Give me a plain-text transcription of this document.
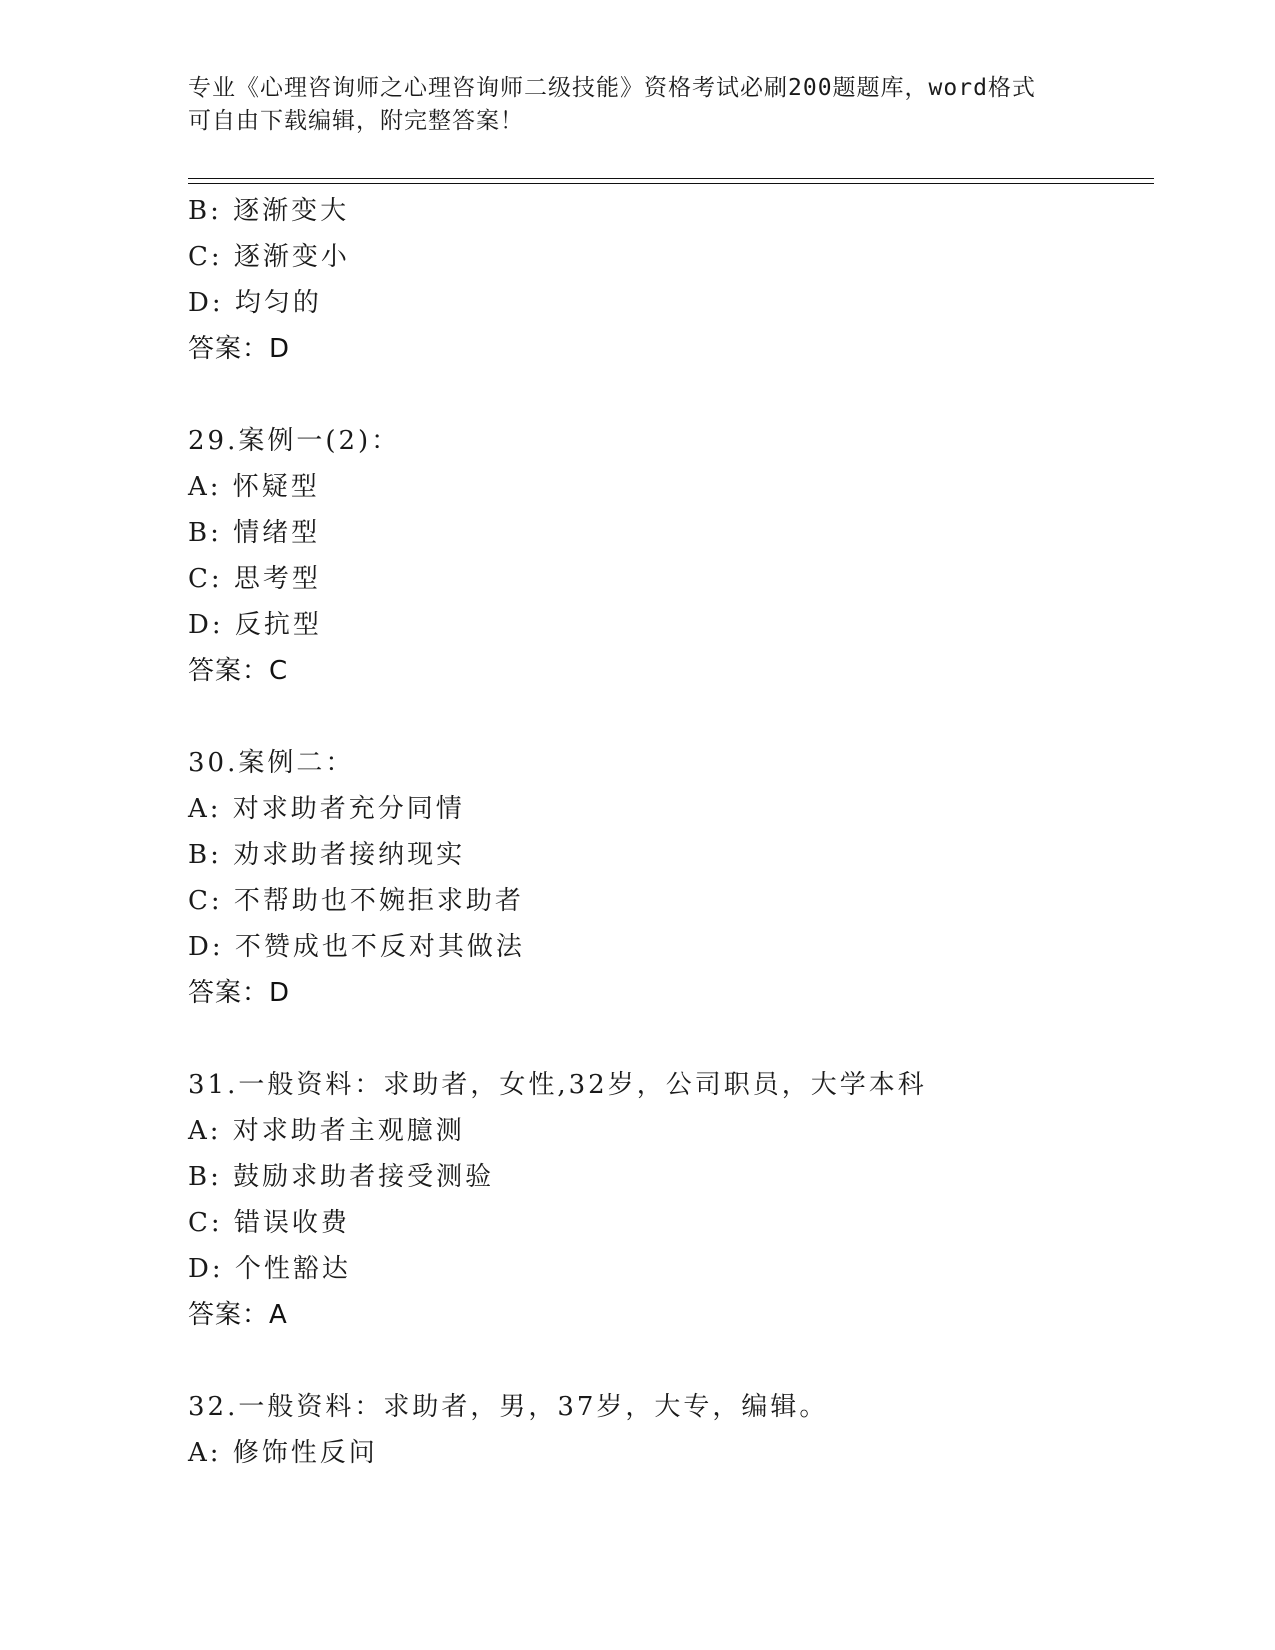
专业《心理咨询师之心理咨询师二级技能》资格考试必刷200题题库，word格式
可自由下载编辑，附完整答案！
B: 逐渐变大
C: 逐渐变小
D: 均匀的
答案：D
29.案例一(2)：
A: 怀疑型
B: 情绪型
C: 思考型
D: 反抗型
答案：C
30.案例二：
A: 对求助者充分同情
B: 劝求助者接纳现实
C: 不帮助也不婉拒求助者
D: 不赞成也不反对其做法
答案：D
31.一般资料：求助者，女性,32岁，公司职员，大学本科
A: 对求助者主观臆测
B: 鼓励求助者接受测验
C: 错误收费
D: 个性豁达
答案：A
32.一般资料：求助者，男，37岁，大专，编辑。
A: 修饰性反问
